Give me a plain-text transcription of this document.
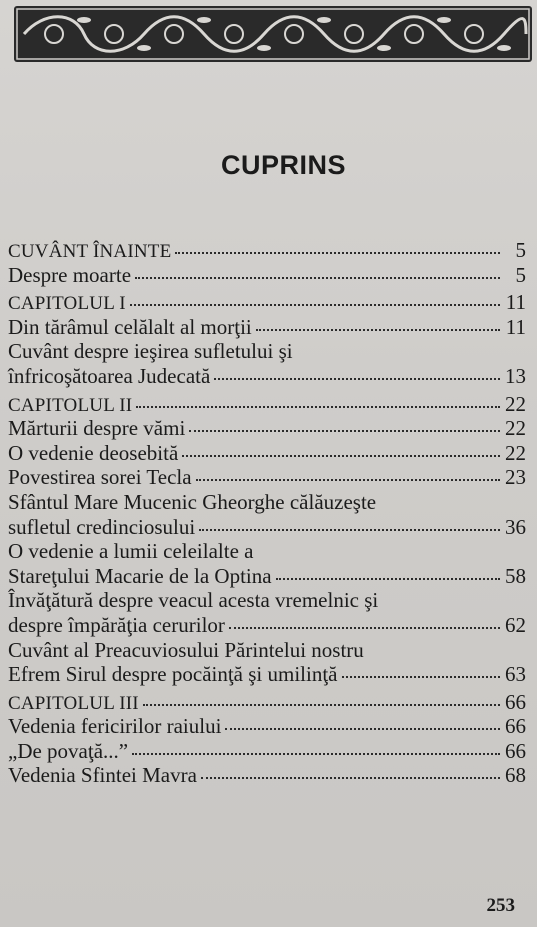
CUPRINS
CUVÂNT ÎNAINTE	5
Despre moarte	5
CAPITOLUL I	11
Din tărâmul celălalt al morţii	11
Cuvânt despre ieşirea sufletului şi
înfricoşătoarea Judecată	13
CAPITOLUL II	22
Mărturii despre vămi	22
O vedenie deosebită	22
Povestirea sorei Tecla	23
Sfântul Mare Mucenic Gheorghe călăuzeşte
sufletul credinciosului	36
O vedenie a lumii celeilalte a
Stareţului Macarie de la Optina	58
Învăţătură despre veacul acesta vremelnic şi
despre împărăţia cerurilor	62
Cuvânt al Preacuviosului Părintelui nostru
Efrem Sirul despre pocăinţă şi umilinţă	63
CAPITOLUL III	66
Vedenia fericirilor raiului	66
„De povaţă...”	66
Vedenia Sfintei Mavra	68
253
